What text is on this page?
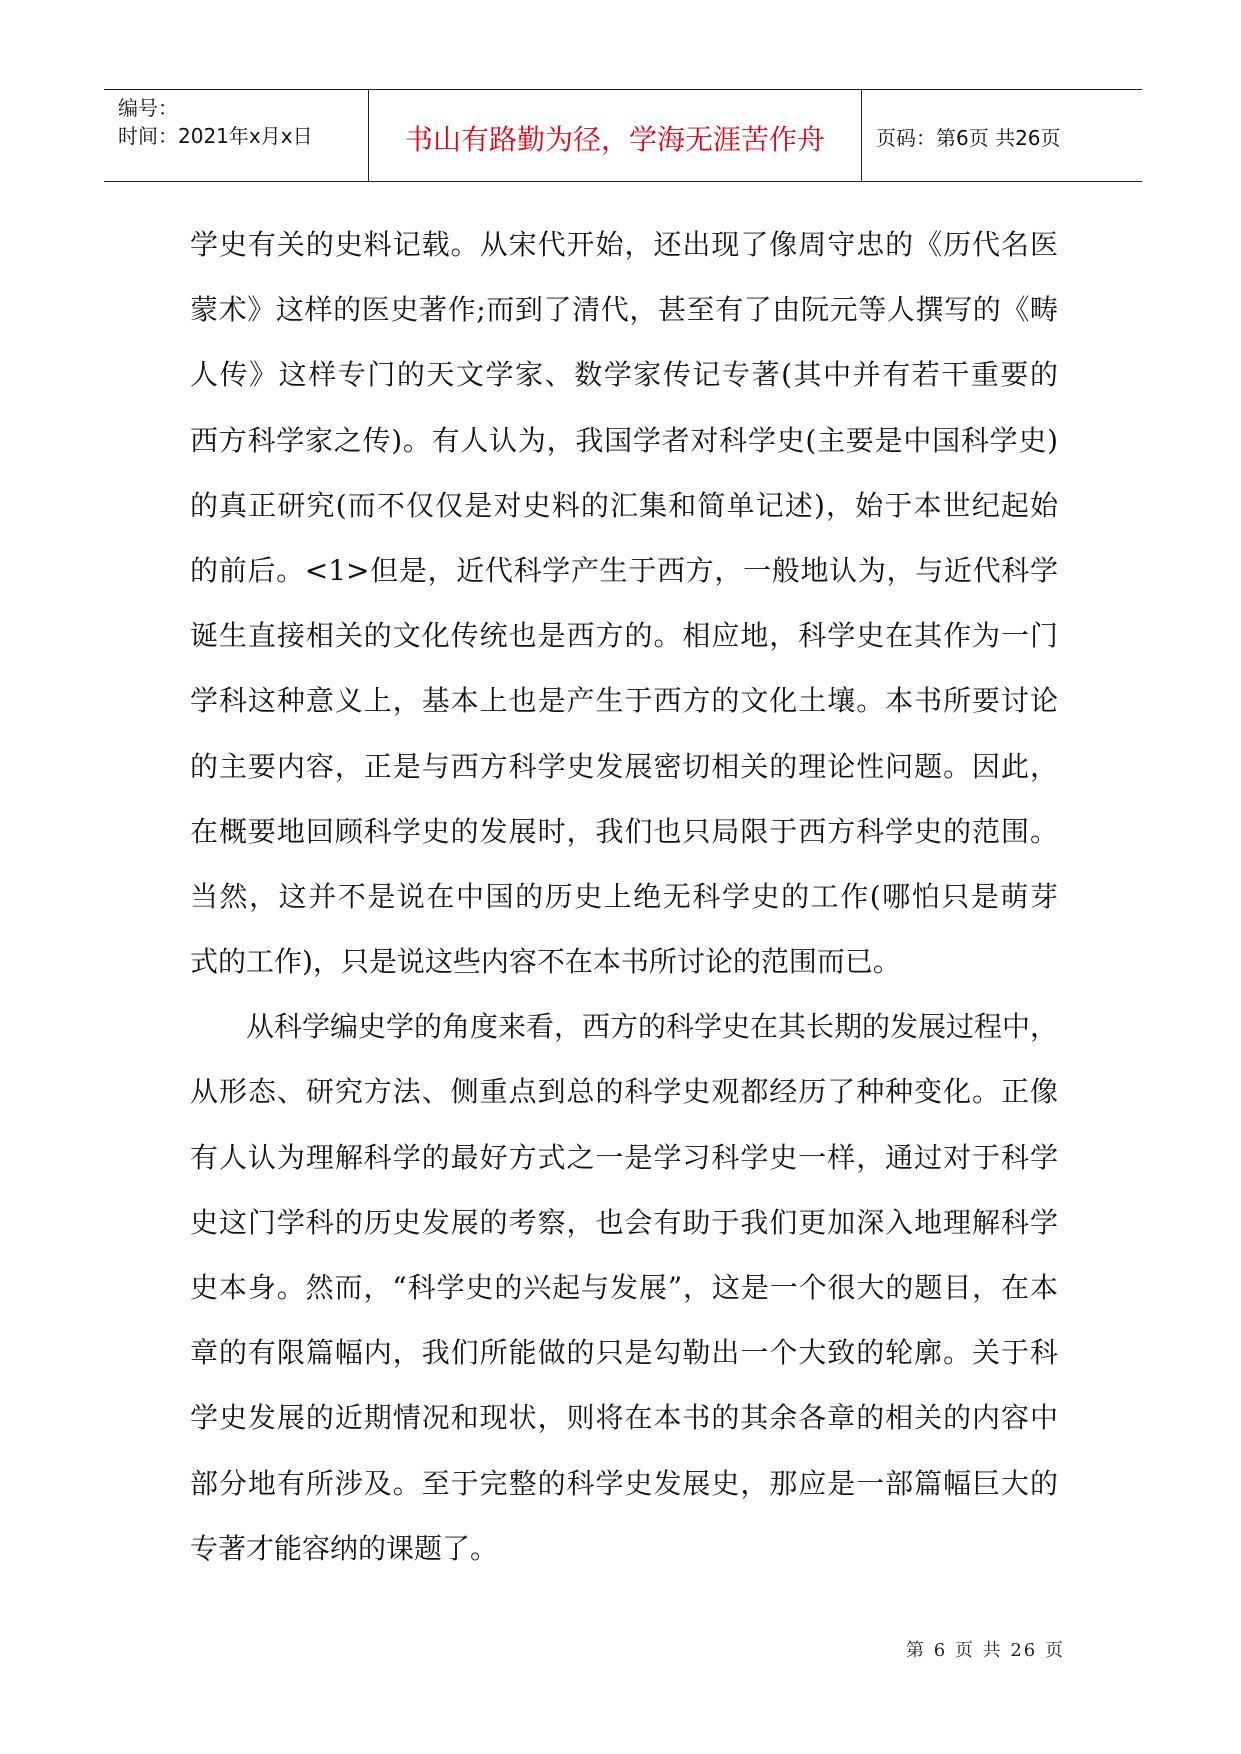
编号：
时间：2021年x月x日	书山有路勤为径，学海无涯苦作舟	页码：第6页 共26页
学史有关的史料记载。从宋代开始，还出现了像周守忠的《历代名医
蒙术》这样的医史著作;而到了清代，甚至有了由阮元等人撰写的《畴
人传》这样专门的天文学家、数学家传记专著(其中并有若干重要的
西方科学家之传)。有人认为，我国学者对科学史(主要是中国科学史)
的真正研究(而不仅仅是对史料的汇集和简单记述)，始于本世纪起始
的前后。<1>但是，近代科学产生于西方，一般地认为，与近代科学
诞生直接相关的文化传统也是西方的。相应地，科学史在其作为一门
学科这种意义上，基本上也是产生于西方的文化土壤。本书所要讨论
的主要内容，正是与西方科学史发展密切相关的理论性问题。因此，
在概要地回顾科学史的发展时，我们也只局限于西方科学史的范围。
当然，这并不是说在中国的历史上绝无科学史的工作(哪怕只是萌芽
式的工作)，只是说这些内容不在本书所讨论的范围而已。
从科学编史学的角度来看，西方的科学史在其长期的发展过程中，
从形态、研究方法、侧重点到总的科学史观都经历了种种变化。正像
有人认为理解科学的最好方式之一是学习科学史一样，通过对于科学
史这门学科的历史发展的考察，也会有助于我们更加深入地理解科学
史本身。然而，“科学史的兴起与发展”，这是一个很大的题目，在本
章的有限篇幅内，我们所能做的只是勾勒出一个大致的轮廓。关于科
学史发展的近期情况和现状，则将在本书的其余各章的相关的内容中
部分地有所涉及。至于完整的科学史发展史，那应是一部篇幅巨大的
专著才能容纳的课题了。
第 6 页 共 26 页
